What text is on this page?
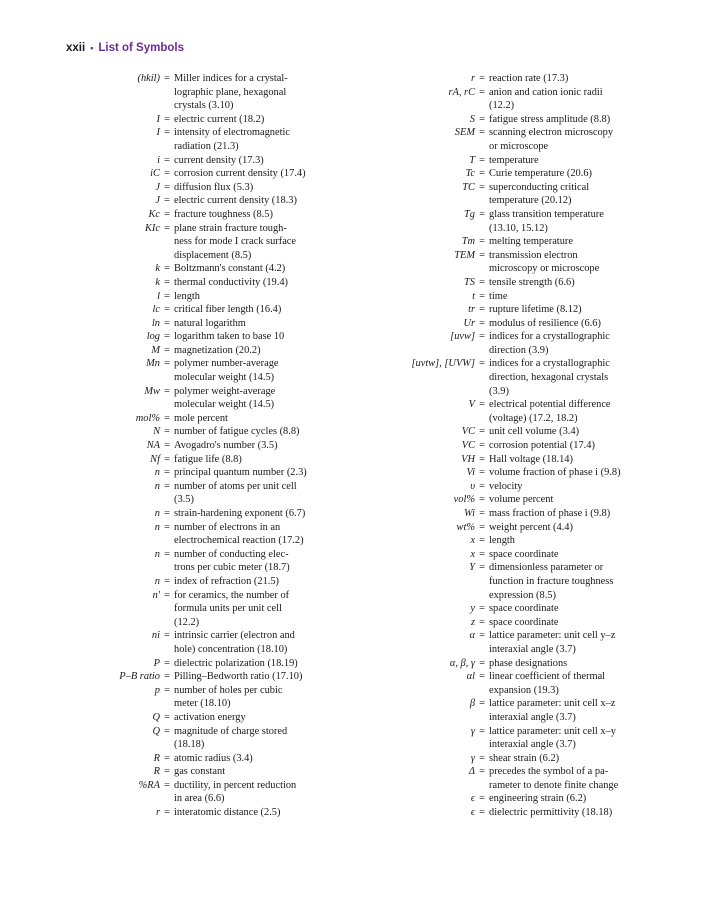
xxii • List of Symbols
(hkil) = Miller indices for a crystal-
lographic plane, hexagonal
crystals (3.10)
I = electric current (18.2)
I = intensity of electromagnetic
radiation (21.3)
i = current density (17.3)
iC = corrosion current density (17.4)
J = diffusion flux (5.3)
J = electric current density (18.3)
Kc = fracture toughness (8.5)
KIc = plane strain fracture tough-
ness for mode I crack surface
displacement (8.5)
k = Boltzmann's constant (4.2)
k = thermal conductivity (19.4)
l = length
lc = critical fiber length (16.4)
ln = natural logarithm
log = logarithm taken to base 10
M = magnetization (20.2)
Mn = polymer number-average
molecular weight (14.5)
Mw = polymer weight-average
molecular weight (14.5)
mol% = mole percent
N = number of fatigue cycles (8.8)
NA = Avogadro's number (3.5)
Nf = fatigue life (8.8)
n = principal quantum number (2.3)
n = number of atoms per unit cell
(3.5)
n = strain-hardening exponent (6.7)
n = number of electrons in an
electrochemical reaction (17.2)
n = number of conducting elec-
trons per cubic meter (18.7)
n = index of refraction (21.5)
n' = for ceramics, the number of
formula units per unit cell
(12.2)
ni = intrinsic carrier (electron and
hole) concentration (18.10)
P = dielectric polarization (18.19)
P–B ratio = Pilling–Bedworth ratio (17.10)
p = number of holes per cubic
meter (18.10)
Q = activation energy
Q = magnitude of charge stored
(18.18)
R = atomic radius (3.4)
R = gas constant
%RA = ductility, in percent reduction
in area (6.6)
r = interatomic distance (2.5)
r = reaction rate (17.3)
rA, rC = anion and cation ionic radii
(12.2)
S = fatigue stress amplitude (8.8)
SEM = scanning electron microscopy
or microscope
T = temperature
Tc = Curie temperature (20.6)
TC = superconducting critical
temperature (20.12)
Tg = glass transition temperature
(13.10, 15.12)
Tm = melting temperature
TEM = transmission electron
microscopy or microscope
TS = tensile strength (6.6)
t = time
tr = rupture lifetime (8.12)
Ur = modulus of resilience (6.6)
[uvw] = indices for a crystallographic
direction (3.9)
[uvtw], [UVW] = indices for a crystallographic
direction, hexagonal crystals
(3.9)
V = electrical potential difference
(voltage) (17.2, 18.2)
VC = unit cell volume (3.4)
VC = corrosion potential (17.4)
VH = Hall voltage (18.14)
Vi = volume fraction of phase i (9.8)
υ = velocity
vol% = volume percent
Wi = mass fraction of phase i (9.8)
wt% = weight percent (4.4)
x = length
x = space coordinate
Y = dimensionless parameter or
function in fracture toughness
expression (8.5)
y = space coordinate
z = space coordinate
α = lattice parameter: unit cell y–z
interaxial angle (3.7)
α, β, γ = phase designations
αl = linear coefficient of thermal
expansion (19.3)
β = lattice parameter: unit cell x–z
interaxial angle (3.7)
γ = lattice parameter: unit cell x–y
interaxial angle (3.7)
γ = shear strain (6.2)
Δ = precedes the symbol of a pa-
rameter to denote finite change
ϵ = engineering strain (6.2)
ϵ = dielectric permittivity (18.18)
